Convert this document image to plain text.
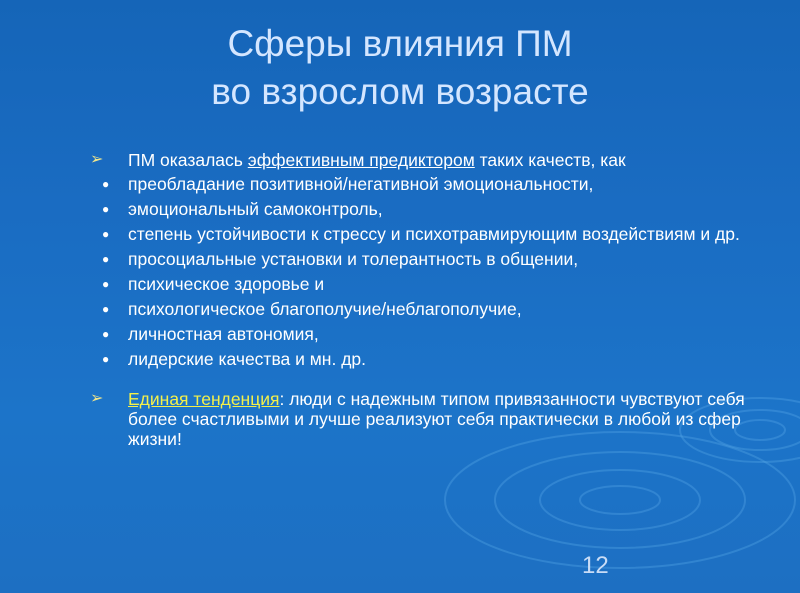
Сферы влияния ПМ
во взрослом возрасте
➢ ПМ оказалась эффективным предиктором таких качеств, как
● преобладание позитивной/негативной эмоциональности,
● эмоциональный самоконтроль,
● степень устойчивости к стрессу и психотравмирующим воздействиям и др.
● просоциальные установки и толерантность в общении,
● психическое здоровье и
● психологическое благополучие/неблагополучие,
● личностная автономия,
● лидерские качества и мн. др.
➢ Единая тенденция: люди с надежным типом привязанности чувствуют себя более счастливыми и лучше реализуют себя практически в любой из сфер жизни!
12
